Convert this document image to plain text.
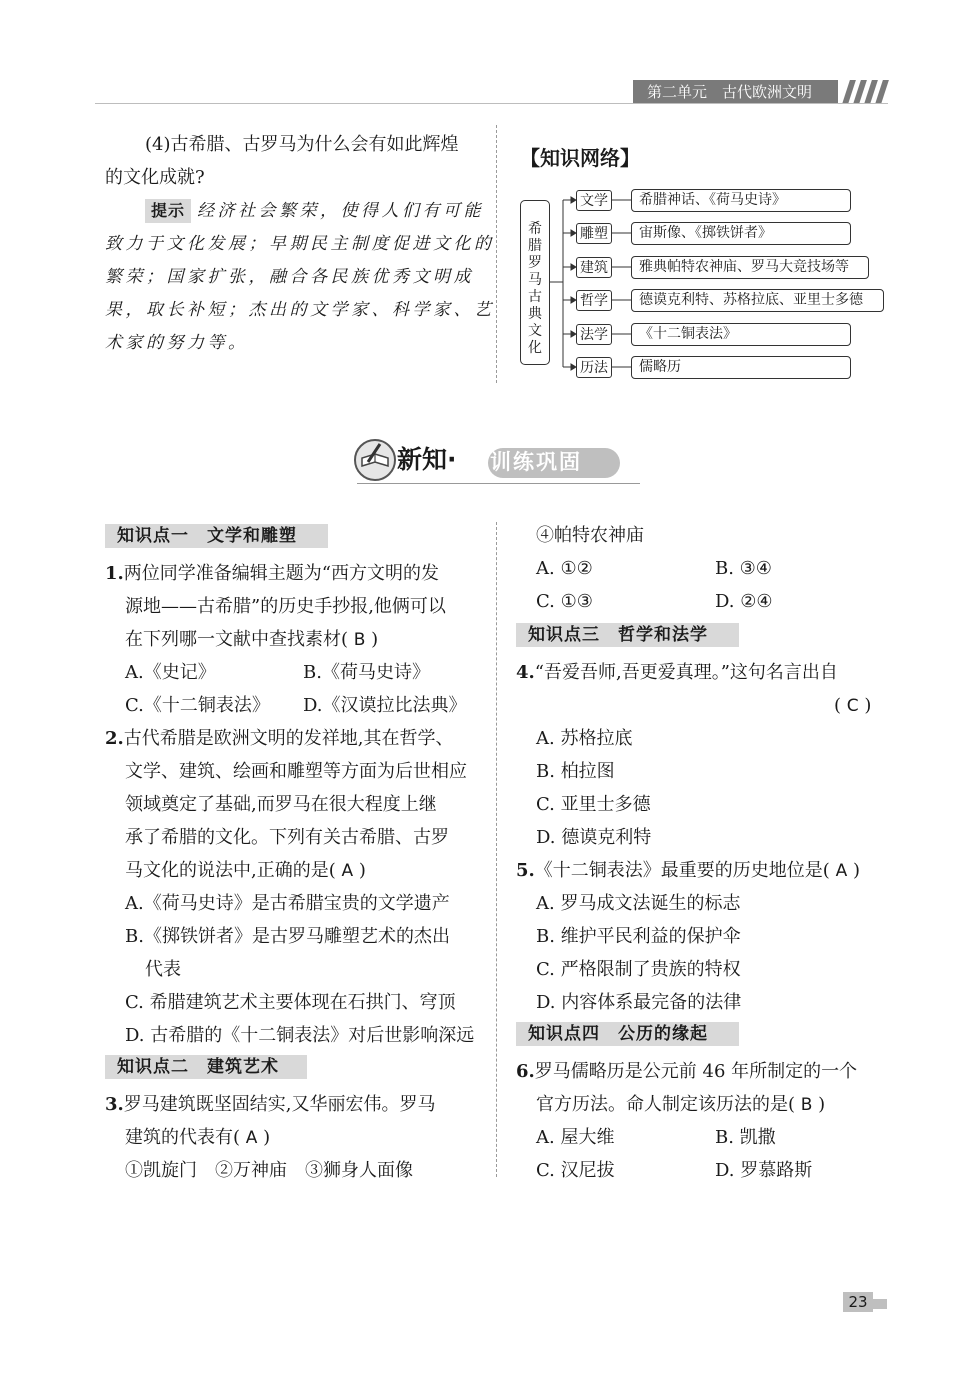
第二单元　古代欧洲文明
(4)古希腊、古罗马为什么会有如此辉煌
的文化成就?
提示 经济社会繁荣，使得人们有可能
致力于文化发展；早期民主制度促进文化的
繁荣；国家扩张，融合各民族优秀文明成
果，取长补短；杰出的文学家、科学家、艺
术家的努力等。
【知识网络】
希
腊
罗
马
古
典
文
化
文学	希腊神话、《荷马史诗》
雕塑	宙斯像、《掷铁饼者》
建筑	雅典帕特农神庙、罗马大竞技场等
哲学	德谟克利特、苏格拉底、亚里士多德
法学	《十二铜表法》
历法	儒略历
新知· 训练巩固
知识点一　文学和雕塑
1.两位同学准备编辑主题为“西方文明的发
源地——古希腊”的历史手抄报,他俩可以
在下列哪一文献中查找素材( B )
A.《史记》	B.《荷马史诗》
C.《十二铜表法》 D.《汉谟拉比法典》
2.古代希腊是欧洲文明的发祥地,其在哲学、
文学、建筑、绘画和雕塑等方面为后世相应
领域奠定了基础,而罗马在很大程度上继
承了希腊的文化。下列有关古希腊、古罗
马文化的说法中,正确的是( A )
A.《荷马史诗》是古希腊宝贵的文学遗产
B.《掷铁饼者》是古罗马雕塑艺术的杰出
代表
C. 希腊建筑艺术主要体现在石拱门、穹顶
D. 古希腊的《十二铜表法》对后世影响深远
知识点二　建筑艺术
3.罗马建筑既坚固结实,又华丽宏伟。罗马
建筑的代表有( A )
①凯旋门　②万神庙　③狮身人面像
④帕特农神庙
A. ①②	B. ③④
C. ①③	D. ②④
知识点三　哲学和法学
4.“吾爱吾师,吾更爱真理。”这句名言出自
( C )
A. 苏格拉底
B. 柏拉图
C. 亚里士多德
D. 德谟克利特
5.《十二铜表法》最重要的历史地位是( A )
A. 罗马成文法诞生的标志
B. 维护平民利益的保护伞
C. 严格限制了贵族的特权
D. 内容体系最完备的法律
知识点四　公历的缘起
6.罗马儒略历是公元前 46 年所制定的一个
官方历法。命人制定该历法的是( B )
A. 屋大维	B. 凯撒
C. 汉尼拔	D. 罗慕路斯
23
